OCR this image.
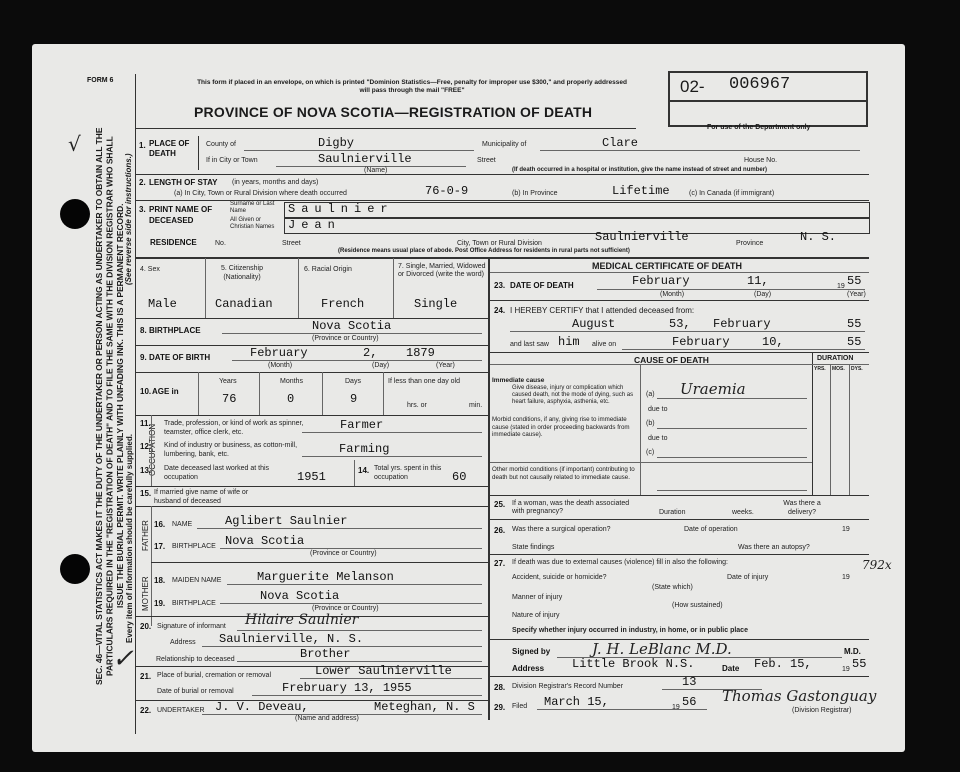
SEC. 46—VITAL STATISTICS ACT MAKES IT THE DUTY OF THE UNDERTAKER OR PERSON ACTING AS UNDERTAKER TO OBTAIN ALL THE PARTICULARS REQUIRED IN THE "REGISTRATION OF DEATH" AND TO FILE THE SAME WITH THE DIVISION REGISTRAR WHO SHALL ISSUE THE BURIAL PERMIT. WRITE PLAINLY WITH UNFADING INK. THIS IS A PERMANENT RECORD. Every item of information should be carefully supplied.
(See reverse side for instructions.)
√
✓
FORM 6	This form if placed in an envelope, on which is printed "Dominion Statistics—Free, penalty for improper use $300," and properly addressed will pass through the mail "FREE"
PROVINCE OF NOVA SCOTIA—REGISTRATION OF DEATH
02- 006967
For use of the Department only
1. PLACE OF DEATH
County of	Digby	Municipality of	Clare
If in City or Town	Saulnierville	Street	House No.
(Name)	(If death occurred in a hospital or institution, give the name instead of street and number)
2. LENGTH OF STAY (in years, months and days)
(a) In City, Town or Rural Division where death occurred	76-0-9	(b) In Province	Lifetime	(c) In Canada (if immigrant)
3. PRINT NAME OF DECEASED
Surname or Last Name
All Given or Christian Names
Saulnier
Jean
RESIDENCE	No.	Street	City, Town or Rural Division	Saulnierville	Province	N. S.
(Residence means usual place of abode. Post Office Address for residents in rural parts not sufficient)
4. Sex	5. Citizenship (Nationality)
6. Racial Origin	7. Single, Married, Widowed or Divorced (write the word)
Male	Canadian	French	Single
8. BIRTHPLACE	Nova Scotia
(Province or Country)
9. DATE OF BIRTH	February	2, 1879
(Month)	(Day)	(Year)
10. AGE in
Years	Months	Days
76	0	9
If less than one day old
hrs. or	min.
OCCUPATION
11. Trade, profession, or kind of work as spinner, teamster, office clerk, etc.
Farmer
12. Kind of industry or business, as cotton-mill, lumbering, bank, etc.	Farming
13. Date deceased last worked at this occupation	1951	14. Total yrs. spent in this occupation	60
15. If married give name of wife or husband of deceased
FATHER
MOTHER
16. NAME	Aglibert Saulnier
17. BIRTHPLACE Nova Scotia
(Province or Country)
18. MAIDEN NAME	Marguerite Melanson
19. BIRTHPLACE
Nova Scotia
(Province or Country)
20. Signature of informant Hilaire Saulnier
Address Saulnierville, N. S.
Brother
Relationship to deceased
21. Place of burial, cremation or removal	Lower Saulnierville
Date of burial or removal	Frebruary 13, 1955
22. UNDERTAKER J. V. Deveau,	Meteghan, N. S
(Name and address)
MEDICAL CERTIFICATE OF DEATH
23. DATE OF DEATH	February	11,	19 55
(Month)	(Day)	(Year)
24. I HEREBY CERTIFY that I attended deceased from:
August	53, February	55
and last saw him alive on	February	10,	55
CAUSE OF DEATH	DURATION
YRS. MOS. DYS.
Immediate cause
Give disease, injury or complication which caused death, not the mode of dying, such as heart failure, asphyxia, asthenia, etc.
Morbid conditions, if any, giving rise to immediate cause (stated in order proceeding backwards from immediate cause).
Other morbid conditions (if important) contributing to death but not causally related to immediate cause.
(a) Uraemia
due to
(b)
due to
(c)
25. If a woman, was the death associated with pregnancy?	Duration	weeks.
Was there a delivery?
26. Was there a surgical operation?	Date of operation	19
State findings	Was there an autopsy?
27. If death was due to external causes (violence) fill in also the following:	792x
Accident, suicide or homicide?	Date of injury	19
(State which)
Manner of injury
(How sustained)
Nature of injury
Specify whether injury occurred in industry, in home, or in public place
Signed by	J. H. LeBlanc M.D.	M.D.
Address Little Brook N.S.	Date Feb. 15,	19 55
28. Division Registrar's Record Number	13
29. Filed March 15,	19 56 Thomas Gastonguay
(Division Registrar)
